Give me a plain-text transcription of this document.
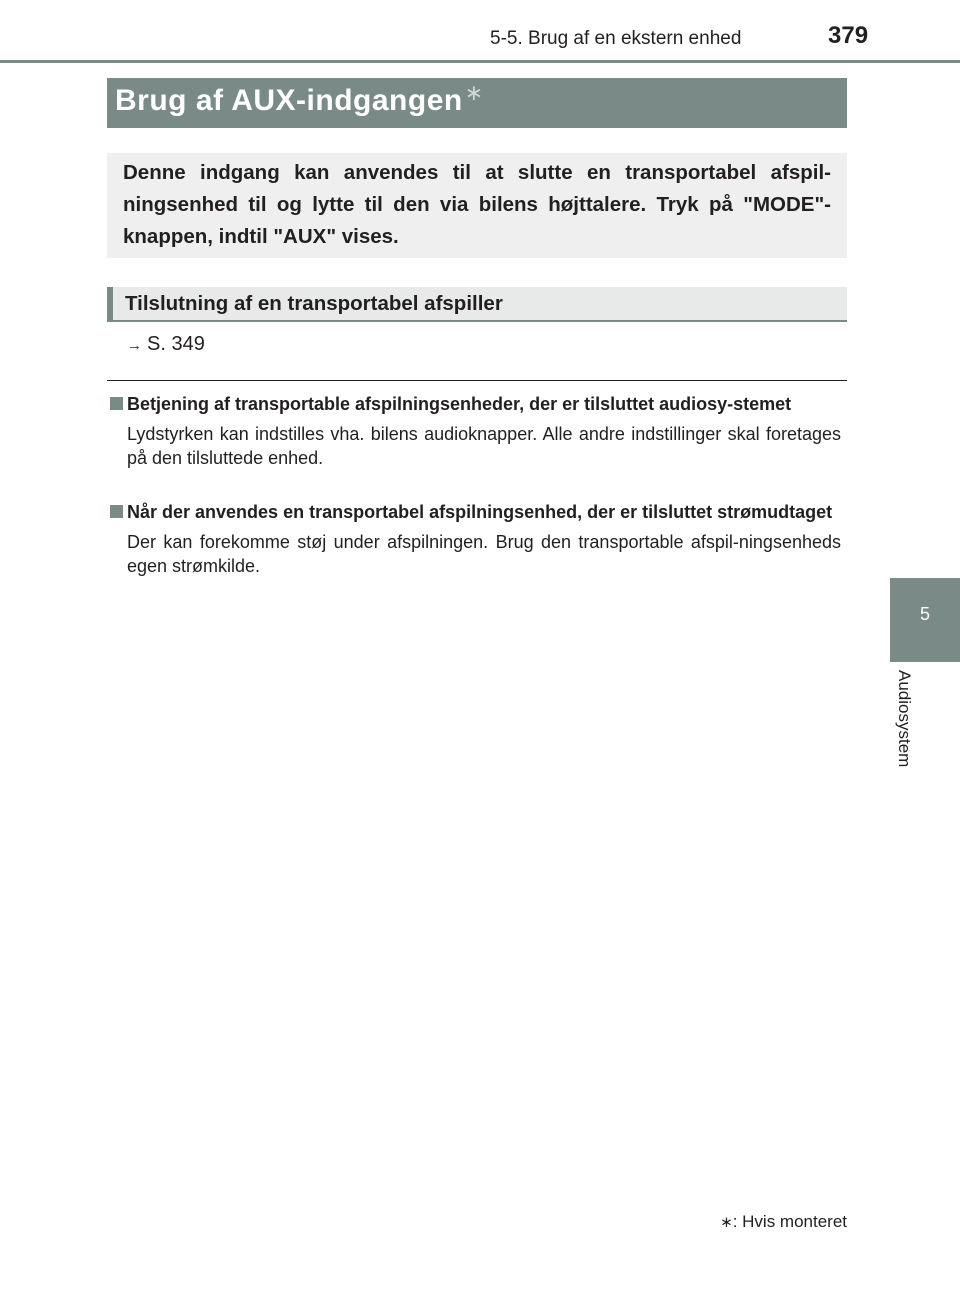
5-5. Brug af en ekstern enhed	379
5
Audiosystem
Brug af AUX-indgangen∗
Denne indgang kan anvendes til at slutte en transportabel afspil-ningsenhed til og lytte til den via bilens højttalere. Tryk på "MODE"-knappen, indtil "AUX" vises.
Tilslutning af en transportabel afspiller
→ S. 349
Betjening af transportable afspilningsenheder, der er tilsluttet audiosy-stemet
Lydstyrken kan indstilles vha. bilens audioknapper. Alle andre indstillinger skal foretages på den tilsluttede enhed.
Når der anvendes en transportabel afspilningsenhed, der er tilsluttet strømudtaget
Der kan forekomme støj under afspilningen. Brug den transportable afspil-ningsenheds egen strømkilde.
∗: Hvis monteret
